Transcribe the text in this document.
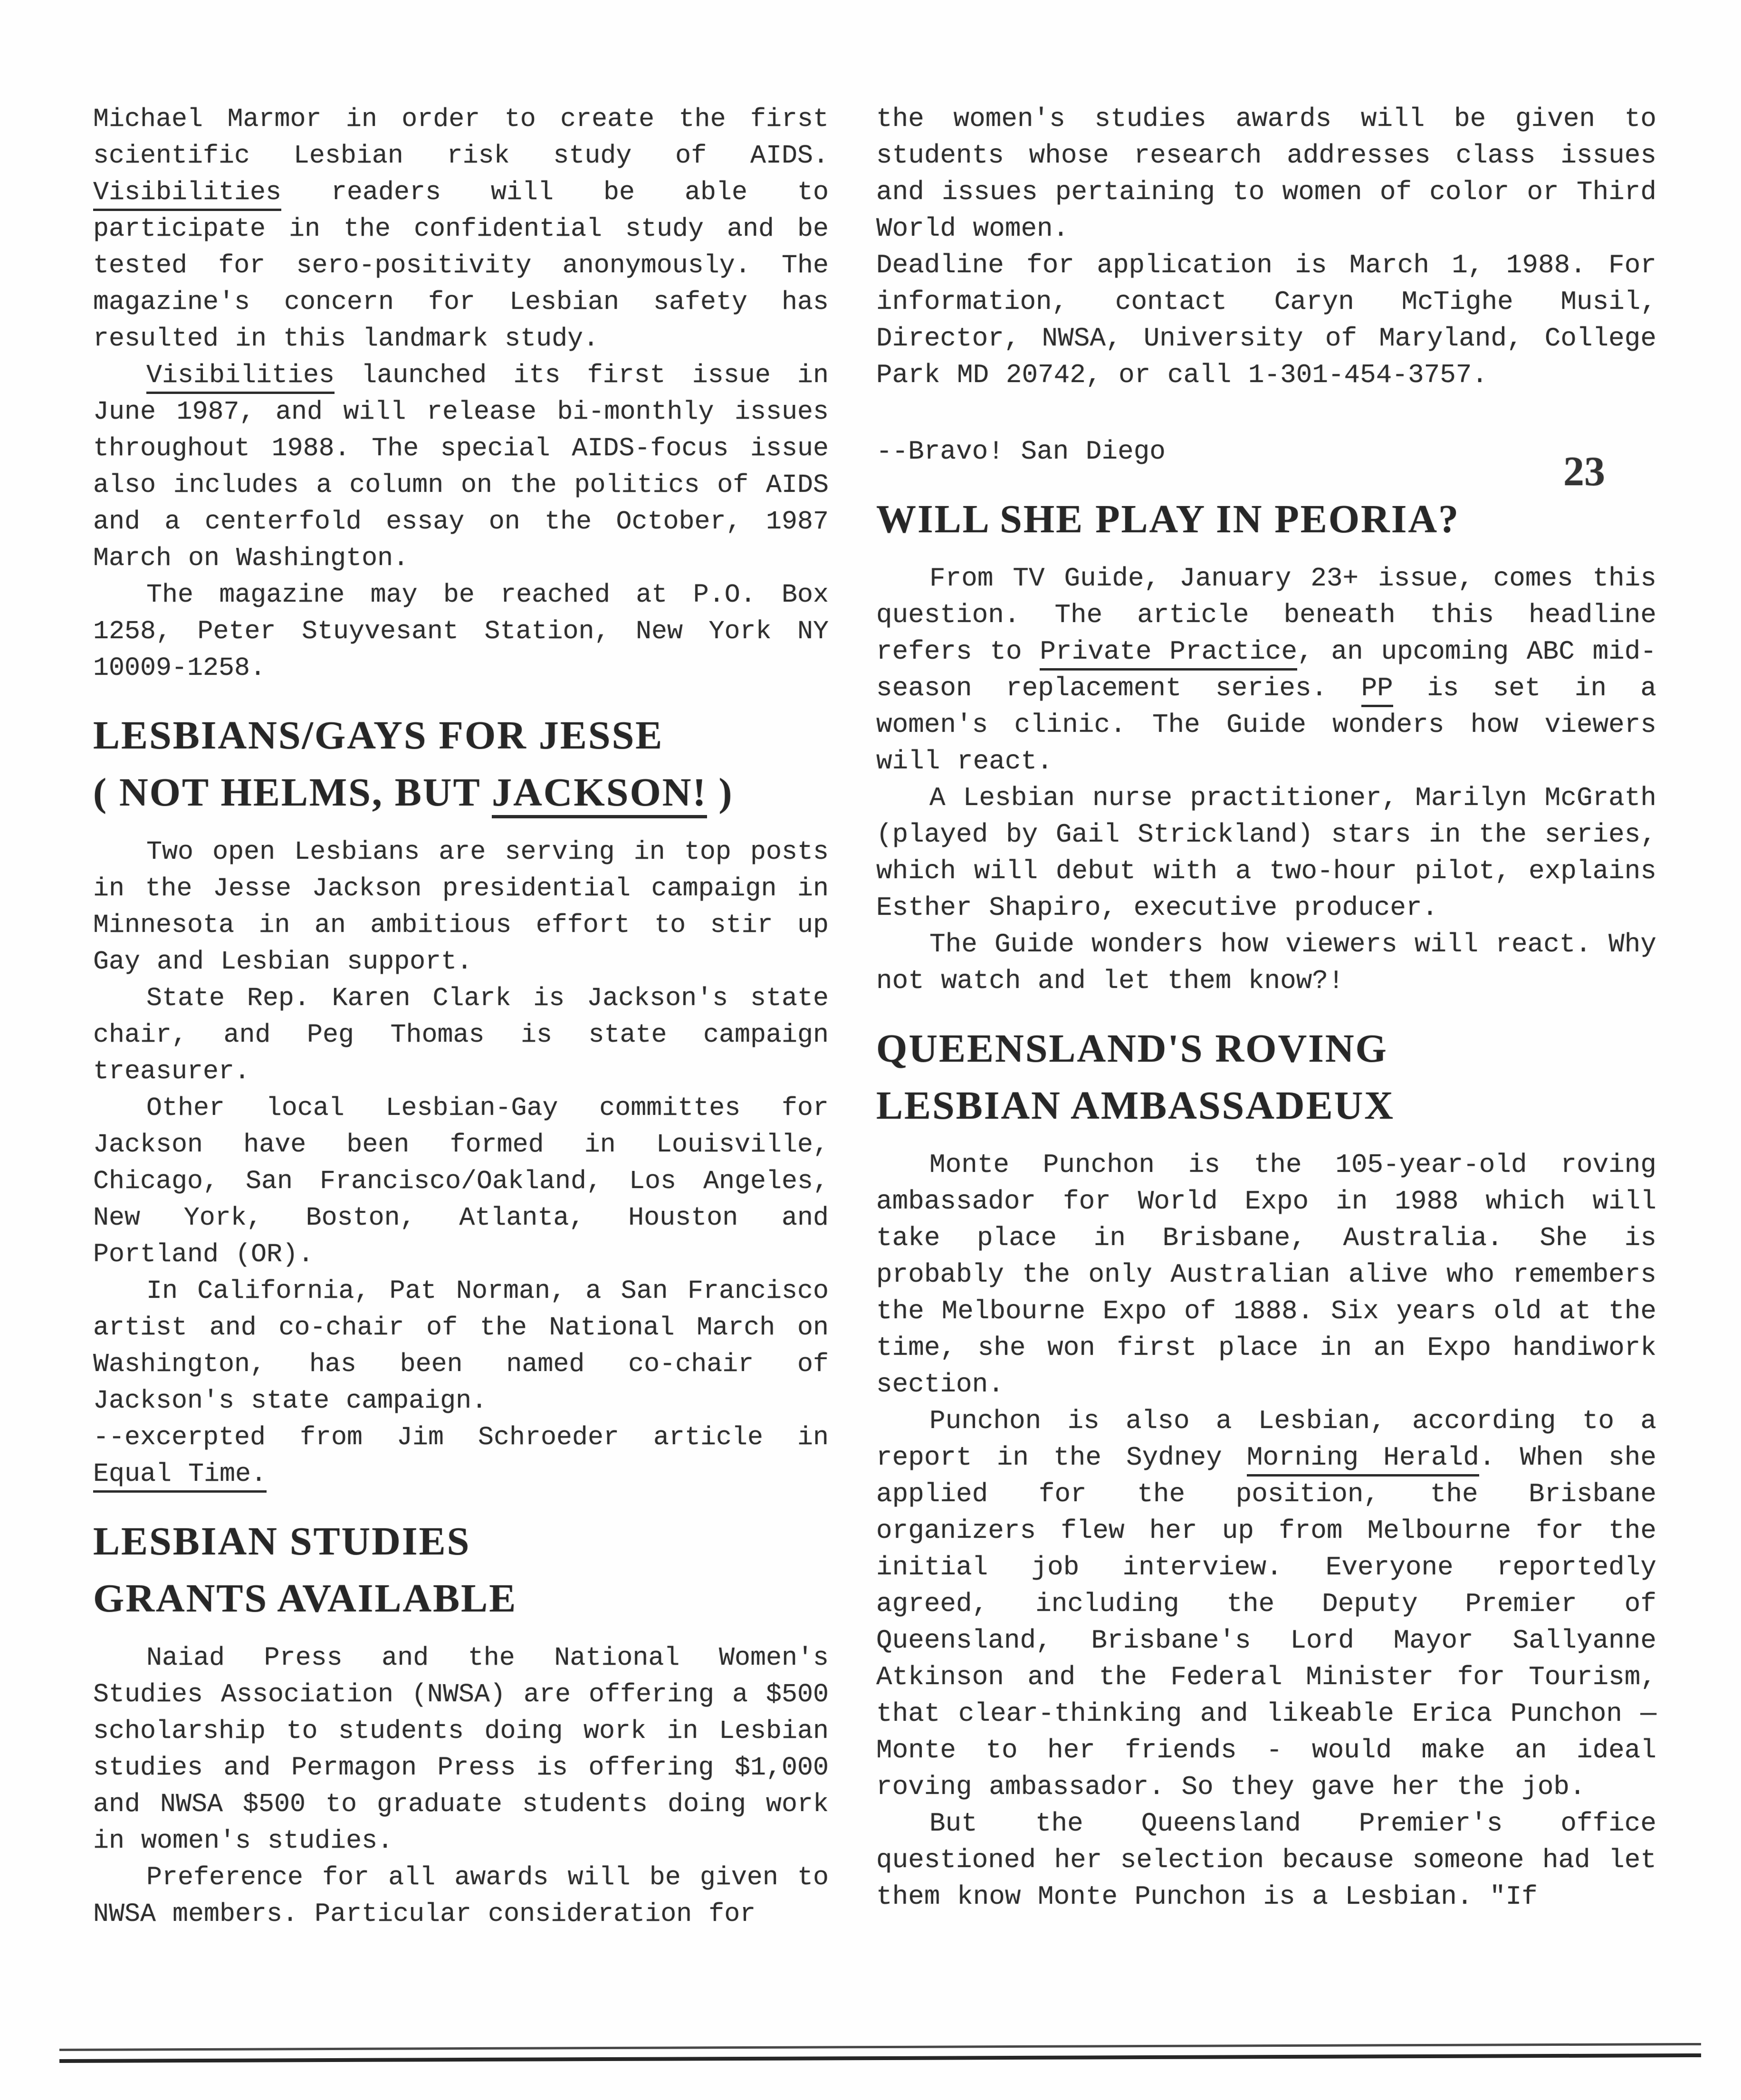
Michael Marmor in order to create the first scientific Lesbian risk study of AIDS. Visibilities readers will be able to participate in the confidential study and be tested for sero-positivity anonymously. The magazine's concern for Lesbian safety has resulted in this landmark study.

Visibilities launched its first issue in June 1987, and will release bi-monthly issues throughout 1988. The special AIDS-focus issue also includes a column on the politics of AIDS and a centerfold essay on the October, 1987 March on Washington.

The magazine may be reached at P.O. Box 1258, Peter Stuyvesant Station, New York NY 10009-1258.

LESBIANS/GAYS FOR JESSE
( NOT HELMS, BUT JACKSON! )

Two open Lesbians are serving in top posts in the Jesse Jackson presidential campaign in Minnesota in an ambitious effort to stir up Gay and Lesbian support.

State Rep. Karen Clark is Jackson's state chair, and Peg Thomas is state campaign treasurer.

Other local Lesbian-Gay committes for Jackson have been formed in Louisville, Chicago, San Francisco/Oakland, Los Angeles, New York, Boston, Atlanta, Houston and Portland (OR).

In California, Pat Norman, a San Francisco artist and co-chair of the National March on Washington, has been named co-chair of Jackson's state campaign.

--excerpted from Jim Schroeder article in Equal Time.

LESBIAN STUDIES
GRANTS AVAILABLE

Naiad Press and the National Women's Studies Association (NWSA) are offering a $500 scholarship to students doing work in Lesbian studies and Permagon Press is offering $1,000 and NWSA $500 to graduate students doing work in women's studies.

Preference for all awards will be given to NWSA members. Particular consideration for

23

the women's studies awards will be given to students whose research addresses class issues and issues pertaining to women of color or Third World women.

Deadline for application is March 1, 1988. For information, contact Caryn McTighe Musil, Director, NWSA, University of Maryland, College Park MD 20742, or call 1-301-454-3757.

--Bravo! San Diego

WILL SHE PLAY IN PEORIA?

From TV Guide, January 23+ issue, comes this question. The article beneath this headline refers to Private Practice, an upcoming ABC mid-season replacement series. PP is set in a women's clinic. The Guide wonders how viewers will react.

A Lesbian nurse practitioner, Marilyn McGrath (played by Gail Strickland) stars in the series, which will debut with a two-hour pilot, explains Esther Shapiro, executive producer.

The Guide wonders how viewers will react. Why not watch and let them know?!

QUEENSLAND'S ROVING
LESBIAN AMBASSADEUX

Monte Punchon is the 105-year-old roving ambassador for World Expo in 1988 which will take place in Brisbane, Australia. She is probably the only Australian alive who remembers the Melbourne Expo of 1888. Six years old at the time, she won first place in an Expo handiwork section.

Punchon is also a Lesbian, according to a report in the Sydney Morning Herald. When she applied for the position, the Brisbane organizers flew her up from Melbourne for the initial job interview. Everyone reportedly agreed, including the Deputy Premier of Queensland, Brisbane's Lord Mayor Sallyanne Atkinson and the Federal Minister for Tourism, that clear-thinking and likeable Erica Punchon —Monte to her friends - would make an ideal roving ambassador. So they gave her the job.

But the Queensland Premier's office questioned her selection because someone had let them know Monte Punchon is a Lesbian. "If
